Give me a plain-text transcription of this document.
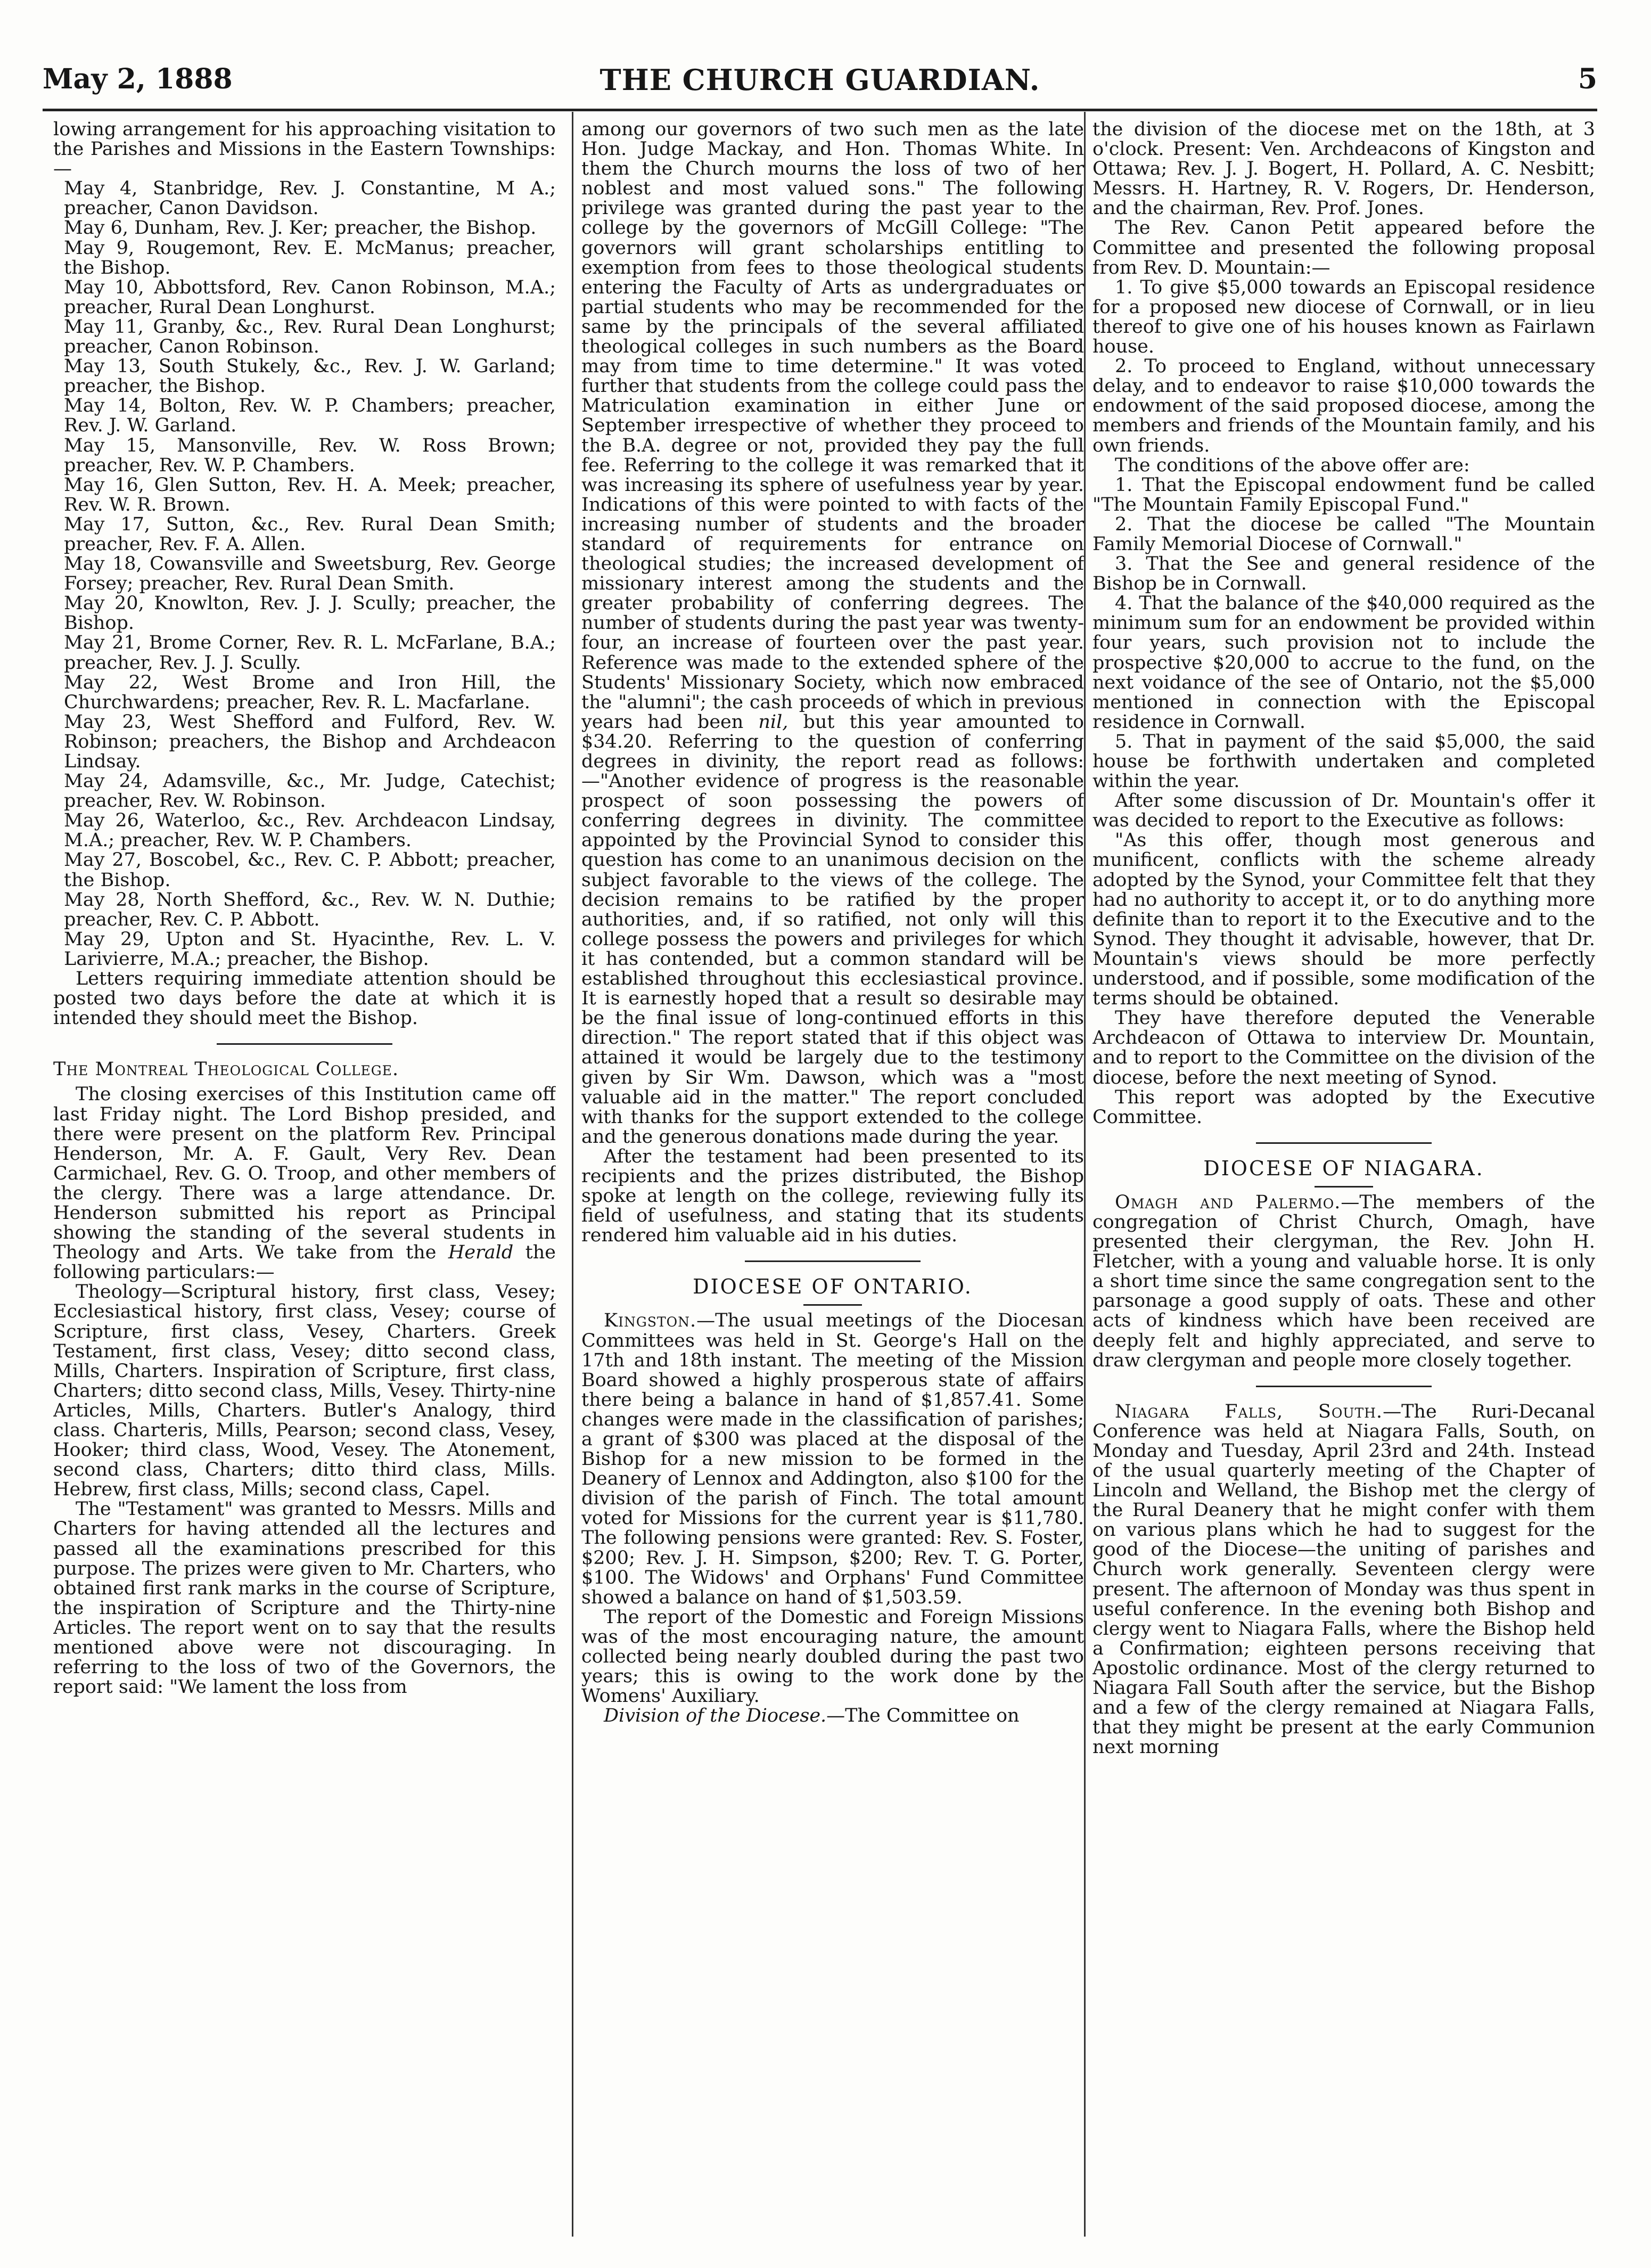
THE CHURCH GUARDIAN.
May 2, 1888	5

lowing arrangement for his approaching visitation to the Parishes and Missions in the Eastern Townships:—

May 4, Stanbridge, Rev. J. Constantine, M A.; preacher, Canon Davidson.

May 6, Dunham, Rev. J. Ker; preacher, the Bishop.

May 9, Rougemont, Rev. E. McManus; preacher, the Bishop.

May 10, Abbottsford, Rev. Canon Robinson, M.A.; preacher, Rural Dean Longhurst.

May 11, Granby, &c., Rev. Rural Dean Longhurst; preacher, Canon Robinson.

May 13, South Stukely, &c., Rev. J. W. Garland; preacher, the Bishop.

May 14, Bolton, Rev. W. P. Chambers; preacher, Rev. J. W. Garland.

May 15, Mansonville, Rev. W. Ross Brown; preacher, Rev. W. P. Chambers.

May 16, Glen Sutton, Rev. H. A. Meek; preacher, Rev. W. R. Brown.

May 17, Sutton, &c., Rev. Rural Dean Smith; preacher, Rev. F. A. Allen.

May 18, Cowansville and Sweetsburg, Rev. George Forsey; preacher, Rev. Rural Dean Smith.

May 20, Knowlton, Rev. J. J. Scully; preacher, the Bishop.

May 21, Brome Corner, Rev. R. L. McFarlane, B.A.; preacher, Rev. J. J. Scully.

May 22, West Brome and Iron Hill, the Churchwardens; preacher, Rev. R. L. Macfarlane.

May 23, West Shefford and Fulford, Rev. W. Robinson; preachers, the Bishop and Archdeacon Lindsay.

May 24, Adamsville, &c., Mr. Judge, Catechist; preacher, Rev. W. Robinson.

May 26, Waterloo, &c., Rev. Archdeacon Lindsay, M.A.; preacher, Rev. W. P. Chambers.

May 27, Boscobel, &c., Rev. C. P. Abbott; preacher, the Bishop.

May 28, North Shefford, &c., Rev. W. N. Duthie; preacher, Rev. C. P. Abbott.

May 29, Upton and St. Hyacinthe, Rev. L. V. Larivierre, M.A.; preacher, the Bishop.

Letters requiring immediate attention should be posted two days before the date at which it is intended they should meet the Bishop.

The Montreal Theological College.

The closing exercises of this Institution came off last Friday night. The Lord Bishop presided, and there were present on the platform Rev. Principal Henderson, Mr. A. F. Gault, Very Rev. Dean Carmichael, Rev. G. O. Troop, and other members of the clergy. There was a large attendance. Dr. Henderson submitted his report as Principal showing the standing of the several students in Theology and Arts. We take from the Herald the following particulars:—

Theology—Scriptural history, first class, Vesey; Ecclesiastical history, first class, Vesey; course of Scripture, first class, Vesey, Charters. Greek Testament, first class, Vesey; ditto second class, Mills, Charters. Inspiration of Scripture, first class, Charters; ditto second class, Mills, Vesey. Thirty-nine Articles, Mills, Charters. Butler's Analogy, third class. Charteris, Mills, Pearson; second class, Vesey, Hooker; third class, Wood, Vesey. The Atonement, second class, Charters; ditto third class, Mills. Hebrew, first class, Mills; second class, Capel.

The "Testament" was granted to Messrs. Mills and Charters for having attended all the lectures and passed all the examinations prescribed for this purpose. The prizes were given to Mr. Charters, who obtained first rank marks in the course of Scripture, the inspiration of Scripture and the Thirty-nine Articles. The report went on to say that the results mentioned above were not discouraging. In referring to the loss of two of the Governors, the report said: "We lament the loss from

among our governors of two such men as the late Hon. Judge Mackay, and Hon. Thomas White. In them the Church mourns the loss of two of her noblest and most valued sons." The following privilege was granted during the past year to the college by the governors of McGill College: "The governors will grant scholarships entitling to exemption from fees to those theological students entering the Faculty of Arts as undergraduates or partial students who may be recommended for the same by the principals of the several affiliated theological colleges in such numbers as the Board may from time to time determine." It was voted further that students from the college could pass the Matriculation examination in either June or September irrespective of whether they proceed to the B.A. degree or not, provided they pay the full fee. Referring to the college it was remarked that it was increasing its sphere of usefulness year by year. Indications of this were pointed to with facts of the increasing number of students and the broader standard of requirements for entrance on theological studies; the increased development of missionary interest among the students and the greater probability of conferring degrees. The number of students during the past year was twenty-four, an increase of fourteen over the past year. Reference was made to the extended sphere of the Students' Missionary Society, which now embraced the "alumni"; the cash proceeds of which in previous years had been nil, but this year amounted to $34.20. Referring to the question of conferring degrees in divinity, the report read as follows:—"Another evidence of progress is the reasonable prospect of soon possessing the powers of conferring degrees in divinity. The committee appointed by the Provincial Synod to consider this question has come to an unanimous decision on the subject favorable to the views of the college. The decision remains to be ratified by the proper authorities, and, if so ratified, not only will this college possess the powers and privileges for which it has contended, but a common standard will be established throughout this ecclesiastical province. It is earnestly hoped that a result so desirable may be the final issue of long-continued efforts in this direction." The report stated that if this object was attained it would be largely due to the testimony given by Sir Wm. Dawson, which was a "most valuable aid in the matter." The report concluded with thanks for the support extended to the college and the generous donations made during the year.

After the testament had been presented to its recipients and the prizes distributed, the Bishop spoke at length on the college, reviewing fully its field of usefulness, and stating that its students rendered him valuable aid in his duties.

DIOCESE OF ONTARIO.

Kingston.—The usual meetings of the Diocesan Committees was held in St. George's Hall on the 17th and 18th instant. The meeting of the Mission Board showed a highly prosperous state of affairs there being a balance in hand of $1,857.41. Some changes were made in the classification of parishes; a grant of $300 was placed at the disposal of the Bishop for a new mission to be formed in the Deanery of Lennox and Addington, also $100 for the division of the parish of Finch. The total amount voted for Missions for the current year is $11,780. The following pensions were granted: Rev. S. Foster, $200; Rev. J. H. Simpson, $200; Rev. T. G. Porter, $100. The Widows' and Orphans' Fund Committee showed a balance on hand of $1,503.59.

The report of the Domestic and Foreign Missions was of the most encouraging nature, the amount collected being nearly doubled during the past two years; this is owing to the work done by the Womens' Auxiliary.

Division of the Diocese.—The Committee on

the division of the diocese met on the 18th, at 3 o'clock. Present: Ven. Archdeacons of Kingston and Ottawa; Rev. J. J. Bogert, H. Pollard, A. C. Nesbitt; Messrs. H. Hartney, R. V. Rogers, Dr. Henderson, and the chairman, Rev. Prof. Jones.

The Rev. Canon Petit appeared before the Committee and presented the following proposal from Rev. D. Mountain:—

1. To give $5,000 towards an Episcopal residence for a proposed new diocese of Cornwall, or in lieu thereof to give one of his houses known as Fairlawn house.

2. To proceed to England, without unnecessary delay, and to endeavor to raise $10,000 towards the endowment of the said proposed diocese, among the members and friends of the Mountain family, and his own friends.

The conditions of the above offer are:

1. That the Episcopal endowment fund be called "The Mountain Family Episcopal Fund."

2. That the diocese be called "The Mountain Family Memorial Diocese of Cornwall."

3. That the See and general residence of the Bishop be in Cornwall.

4. That the balance of the $40,000 required as the minimum sum for an endowment be provided within four years, such provision not to include the prospective $20,000 to accrue to the fund, on the next voidance of the see of Ontario, not the $5,000 mentioned in connection with the Episcopal residence in Cornwall.

5. That in payment of the said $5,000, the said house be forthwith undertaken and completed within the year.

After some discussion of Dr. Mountain's offer it was decided to report to the Executive as follows:

"As this offer, though most generous and munificent, conflicts with the scheme already adopted by the Synod, your Committee felt that they had no authority to accept it, or to do anything more definite than to report it to the Executive and to the Synod. They thought it advisable, however, that Dr. Mountain's views should be more perfectly understood, and if possible, some modification of the terms should be obtained.

They have therefore deputed the Venerable Archdeacon of Ottawa to interview Dr. Mountain, and to report to the Committee on the division of the diocese, before the next meeting of Synod.

This report was adopted by the Executive Committee.

DIOCESE OF NIAGARA.

Omagh and Palermo.—The members of the congregation of Christ Church, Omagh, have presented their clergyman, the Rev. John H. Fletcher, with a young and valuable horse. It is only a short time since the same congregation sent to the parsonage a good supply of oats. These and other acts of kindness which have been received are deeply felt and highly appreciated, and serve to draw clergyman and people more closely together.

Niagara Falls, South.—The Ruri-Decanal Conference was held at Niagara Falls, South, on Monday and Tuesday, April 23rd and 24th. Instead of the usual quarterly meeting of the Chapter of Lincoln and Welland, the Bishop met the clergy of the Rural Deanery that he might confer with them on various plans which he had to suggest for the good of the Diocese—the uniting of parishes and Church work generally. Seventeen clergy were present. The afternoon of Monday was thus spent in useful conference. In the evening both Bishop and clergy went to Niagara Falls, where the Bishop held a Confirmation; eighteen persons receiving that Apostolic ordinance. Most of the clergy returned to Niagara Fall South after the service, but the Bishop and a few of the clergy remained at Niagara Falls, that they might be present at the early Communion next morning
